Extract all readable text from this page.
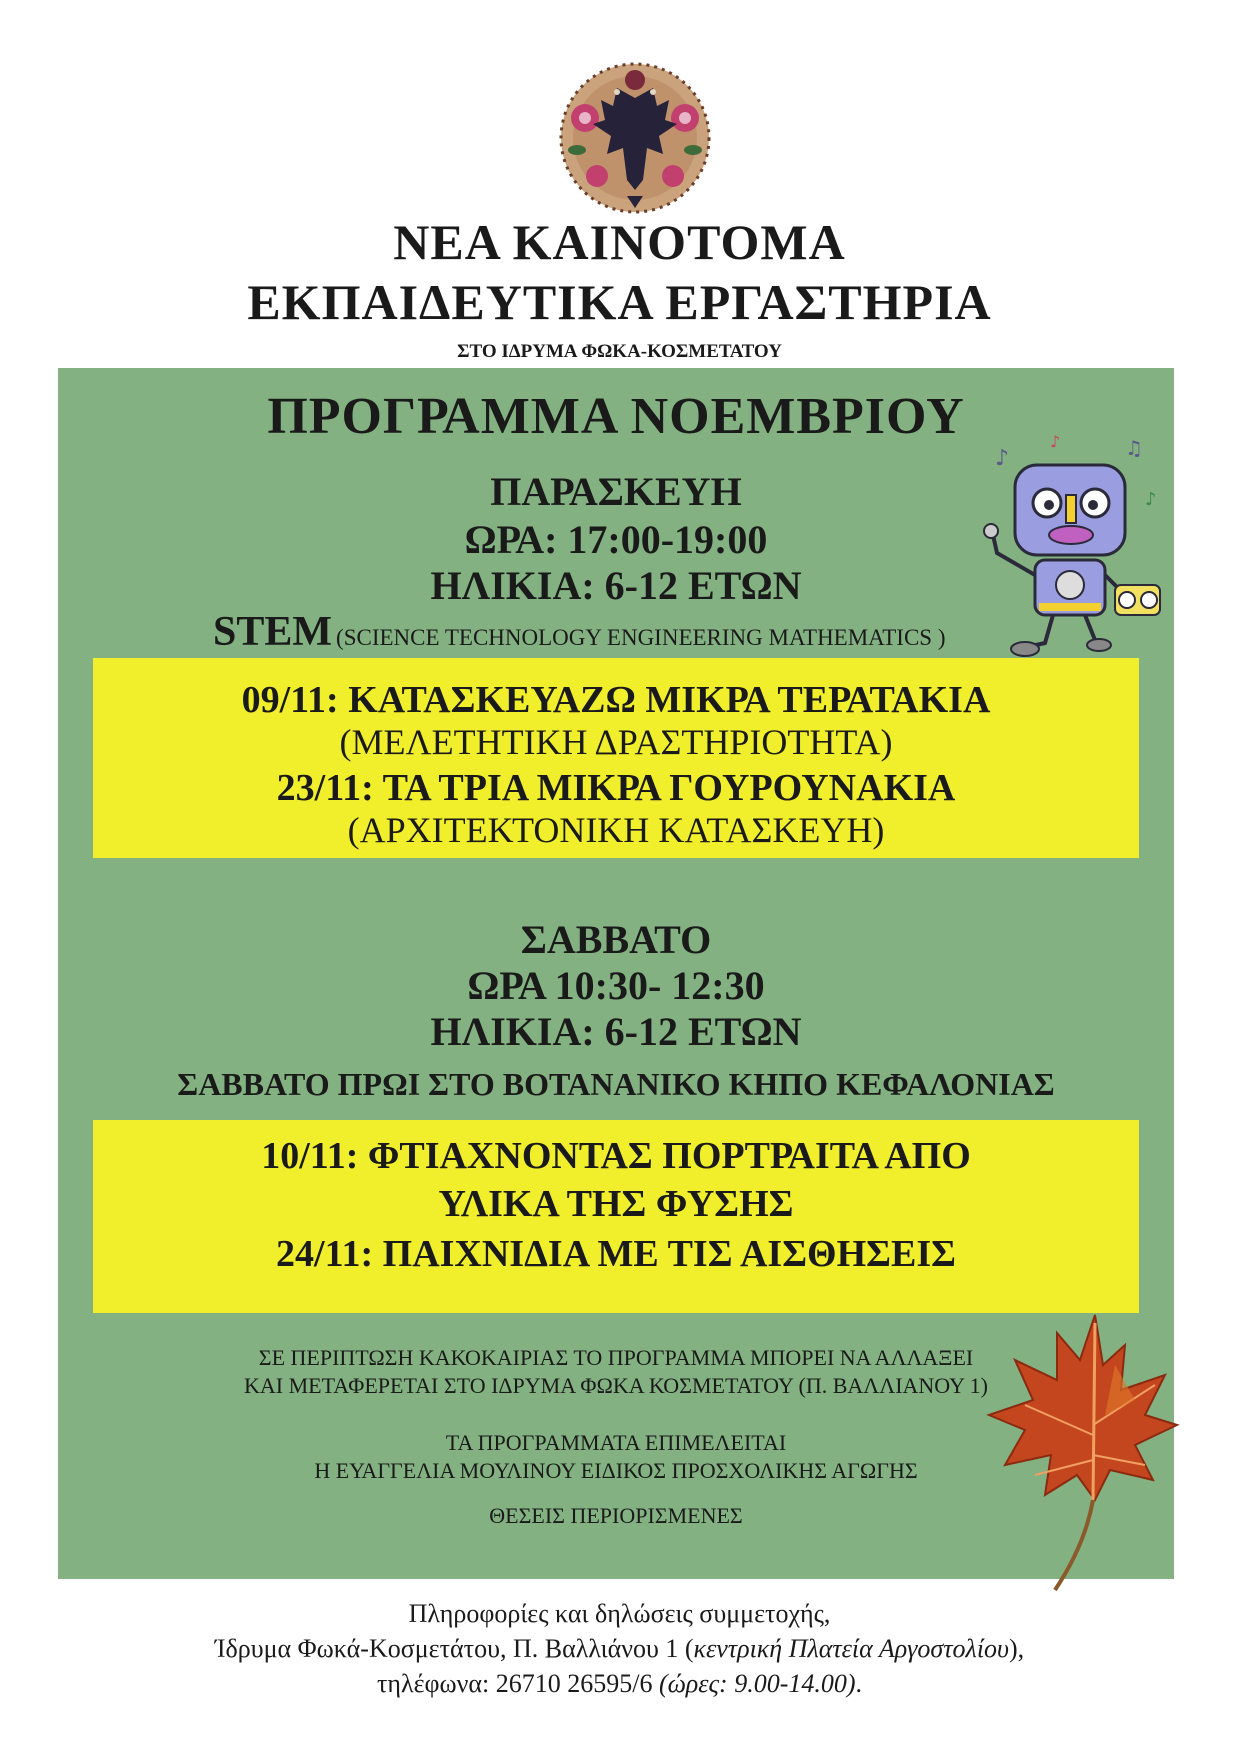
ΝΕΑ ΚΑΙΝΟΤΟΜΑ
ΕΚΠΑΙΔΕΥΤΙΚΑ ΕΡΓΑΣΤΗΡΙΑ

ΣΤΟ ΙΔΡΥΜΑ ΦΩΚΑ-ΚΟΣΜΕΤΑΤΟΥ

ΠΡΟΓΡΑΜΜΑ ΝΟΕΜΒΡΙΟΥ

ΠΑΡΑΣΚΕΥΗ

ΩΡΑ: 17:00-19:00

ΗΛΙΚΙΑ: 6-12 ΕΤΩΝ

STEM (SCIENCE TECHNOLOGY ENGINEERING MATHEMATICS )

09/11: ΚΑΤΑΣΚΕΥΑΖΩ ΜΙΚΡΑ ΤΕΡΑΤΑΚΙΑ

(ΜΕΛΕΤΗΤΙΚΗ ΔΡΑΣΤΗΡΙΟΤΗΤΑ)

23/11: ΤΑ ΤΡΙΑ ΜΙΚΡΑ ΓΟΥΡΟΥΝΑΚΙΑ

(ΑΡΧΙΤΕΚΤΟΝΙΚΗ ΚΑΤΑΣΚΕΥΗ)

ΣΑΒΒΑΤΟ

ΩΡΑ 10:30- 12:30

ΗΛΙΚΙΑ: 6-12 ΕΤΩΝ

ΣΑΒΒΑΤΟ ΠΡΩΙ ΣΤΟ ΒΟΤΑΝΑΝΙΚΟ ΚΗΠΟ ΚΕΦΑΛΟΝΙΑΣ

10/11: ΦΤΙΑΧΝΟΝΤΑΣ ΠΟΡΤΡΑΙΤΑ ΑΠΟ

ΥΛΙΚΑ ΤΗΣ ΦΥΣΗΣ

24/11: ΠΑΙΧΝΙΔΙΑ ΜΕ ΤΙΣ ΑΙΣΘΗΣΕΙΣ

ΣΕ ΠΕΡΙΠΤΩΣΗ ΚΑΚΟΚΑΙΡΙΑΣ ΤΟ ΠΡΟΓΡΑΜΜΑ ΜΠΟΡΕΙ ΝΑ ΑΛΛΑΞΕΙ

ΚΑΙ ΜΕΤΑΦΕΡΕΤΑΙ ΣΤΟ ΙΔΡΥΜΑ ΦΩΚΑ ΚΟΣΜΕΤΑΤΟΥ (Π. ΒΑΛΛΙΑΝΟΥ 1)

ΤΑ ΠΡΟΓΡΑΜΜΑΤΑ ΕΠΙΜΕΛΕΙΤΑΙ

Η ΕΥΑΓΓΕΛΙΑ ΜΟΥΛΙΝΟΥ ΕΙΔΙΚΟΣ ΠΡΟΣΧΟΛΙΚΗΣ ΑΓΩΓΗΣ

ΘΕΣΕΙΣ ΠΕΡΙΟΡΙΣΜΕΝΕΣ

♪	♫
♪
♪

Πληροφορίες και δηλώσεις συμμετοχής,

Ίδρυμα Φωκά-Κοσμετάτου, Π. Βαλλιάνου 1 (κεντρική Πλατεία Αργοστολίου),

τηλέφωνα: 26710 26595/6 (ώρες: 9.00-14.00).
